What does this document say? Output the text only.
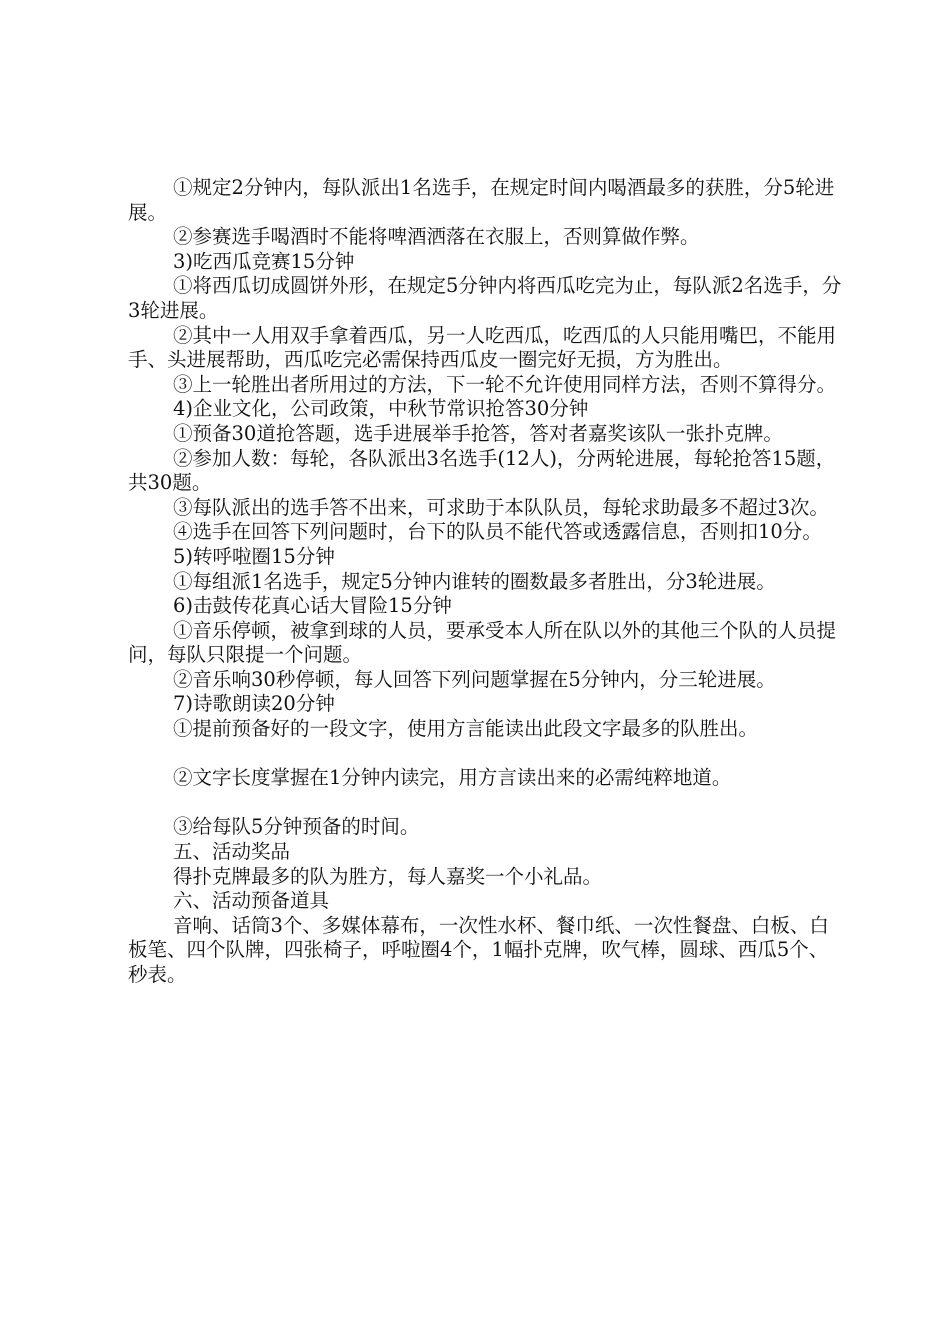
①规定2分钟内，每队派出1名选手，在规定时间内喝酒最多的获胜，分5轮进展。

②参赛选手喝酒时不能将啤酒洒落在衣服上，否则算做作弊。

3)吃西瓜竞赛15分钟

①将西瓜切成圆饼外形，在规定5分钟内将西瓜吃完为止，每队派2名选手，分3轮进展。

②其中一人用双手拿着西瓜，另一人吃西瓜，吃西瓜的人只能用嘴巴，不能用手、头进展帮助，西瓜吃完必需保持西瓜皮一圈完好无损，方为胜出。

③上一轮胜出者所用过的方法，下一轮不允许使用同样方法，否则不算得分。

4)企业文化，公司政策，中秋节常识抢答30分钟

①预备30道抢答题，选手进展举手抢答，答对者嘉奖该队一张扑克牌。

②参加人数：每轮，各队派出3名选手(12人)，分两轮进展，每轮抢答15题，共30题。

③每队派出的选手答不出来，可求助于本队队员，每轮求助最多不超过3次。

④选手在回答下列问题时，台下的队员不能代答或透露信息，否则扣10分。

5)转呼啦圈15分钟

①每组派1名选手，规定5分钟内谁转的圈数最多者胜出，分3轮进展。

6)击鼓传花真心话大冒险15分钟

①音乐停顿，被拿到球的人员，要承受本人所在队以外的其他三个队的人员提问，每队只限提一个问题。

②音乐响30秒停顿，每人回答下列问题掌握在5分钟内，分三轮进展。

7)诗歌朗读20分钟

①提前预备好的一段文字，使用方言能读出此段文字最多的队胜出。

②文字长度掌握在1分钟内读完，用方言读出来的必需纯粹地道。

③给每队5分钟预备的时间。

五、活动奖品

得扑克牌最多的队为胜方，每人嘉奖一个小礼品。

六、活动预备道具

音响、话筒3个、多媒体幕布，一次性水杯、餐巾纸、一次性餐盘、白板、白板笔、四个队牌，四张椅子，呼啦圈4个，1幅扑克牌，吹气棒，圆球、西瓜5个、秒表。
